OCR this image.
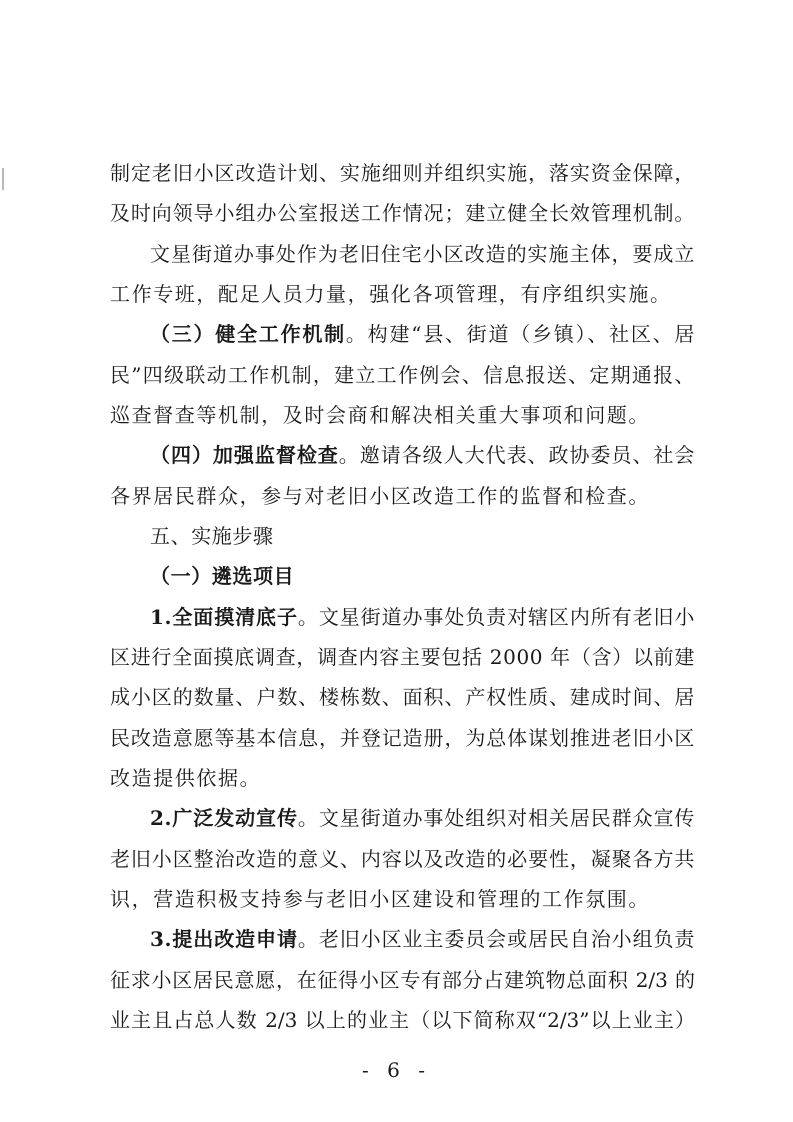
制定老旧小区改造计划、实施细则并组织实施，落实资金保障，
及时向领导小组办公室报送工作情况；建立健全长效管理机制。
文星街道办事处作为老旧住宅小区改造的实施主体，要成立
工作专班，配足人员力量，强化各项管理，有序组织实施。
（三）健全工作机制。构建“县、街道（乡镇）、社区、居
民”四级联动工作机制，建立工作例会、信息报送、定期通报、
巡查督查等机制，及时会商和解决相关重大事项和问题。
（四）加强监督检查。邀请各级人大代表、政协委员、社会
各界居民群众，参与对老旧小区改造工作的监督和检查。
五、实施步骤
（一）遴选项目
1.全面摸清底子。文星街道办事处负责对辖区内所有老旧小
区进行全面摸底调查，调查内容主要包括 2000 年（含）以前建
成小区的数量、户数、楼栋数、面积、产权性质、建成时间、居
民改造意愿等基本信息，并登记造册，为总体谋划推进老旧小区
改造提供依据。
2.广泛发动宣传。文星街道办事处组织对相关居民群众宣传
老旧小区整治改造的意义、内容以及改造的必要性，凝聚各方共
识，营造积极支持参与老旧小区建设和管理的工作氛围。
3.提出改造申请。老旧小区业主委员会或居民自治小组负责
征求小区居民意愿，在征得小区专有部分占建筑物总面积 2/3 的
业主且占总人数 2/3 以上的业主（以下简称双“2/3”以上业主）
- 6 -
